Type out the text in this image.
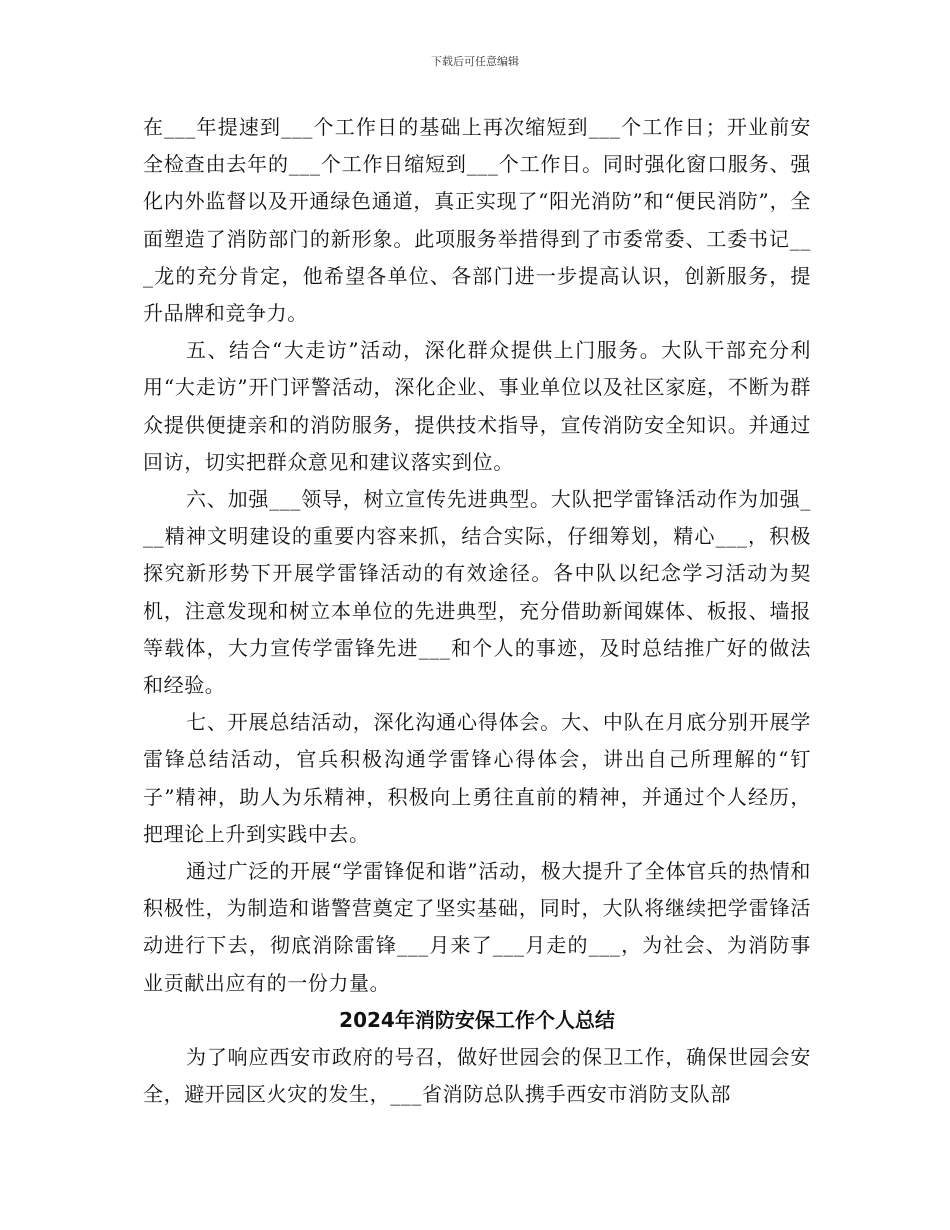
下载后可任意编辑

在___年提速到___个工作日的基础上再次缩短到___个工作日；开业前安全检查由去年的___个工作日缩短到___个工作日。同时强化窗口服务、强化内外监督以及开通绿色通道，真正实现了“阳光消防”和“便民消防”，全面塑造了消防部门的新形象。此项服务举措得到了市委常委、工委书记___龙的充分肯定，他希望各单位、各部门进一步提高认识，创新服务，提升品牌和竞争力。

五、结合“大走访”活动，深化群众提供上门服务。大队干部充分利用“大走访”开门评警活动，深化企业、事业单位以及社区家庭，不断为群众提供便捷亲和的消防服务，提供技术指导，宣传消防安全知识。并通过回访，切实把群众意见和建议落实到位。

六、加强___领导，树立宣传先进典型。大队把学雷锋活动作为加强___精神文明建设的重要内容来抓，结合实际，仔细筹划，精心___，积极探究新形势下开展学雷锋活动的有效途径。各中队以纪念学习活动为契机，注意发现和树立本单位的先进典型，充分借助新闻媒体、板报、墙报等载体，大力宣传学雷锋先进___和个人的事迹，及时总结推广好的做法和经验。

七、开展总结活动，深化沟通心得体会。大、中队在月底分别开展学雷锋总结活动，官兵积极沟通学雷锋心得体会，讲出自己所理解的“钉子”精神，助人为乐精神，积极向上勇往直前的精神，并通过个人经历，把理论上升到实践中去。

通过广泛的开展“学雷锋促和谐”活动，极大提升了全体官兵的热情和积极性，为制造和谐警营奠定了坚实基础，同时，大队将继续把学雷锋活动进行下去，彻底消除雷锋___月来了___月走的___，为社会、为消防事业贡献出应有的一份力量。

2024年消防安保工作个人总结

为了响应西安市政府的号召，做好世园会的保卫工作，确保世园会安全，避开园区火灾的发生，___省消防总队携手西安市消防支队部
